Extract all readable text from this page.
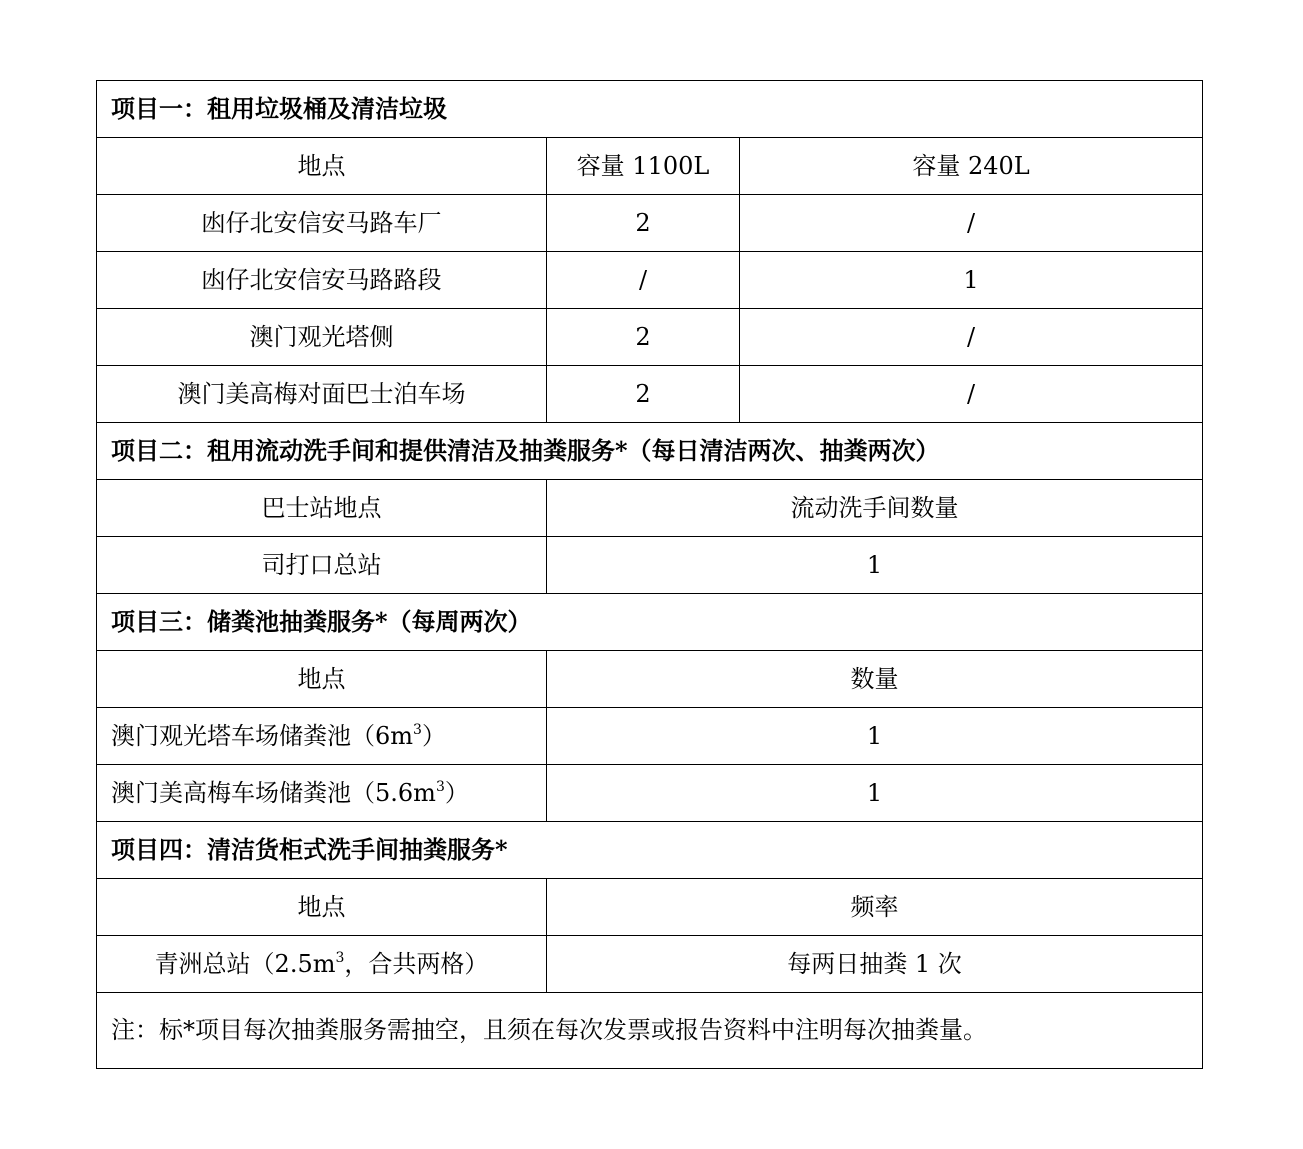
项目一：租用垃圾桶及清洁垃圾		
地点	容量 1100L	容量 240L
凼仔北安信安马路车厂	2	/
凼仔北安信安马路路段	/	1
澳门观光塔侧	2	/
澳门美高梅对面巴士泊车场	2	/
项目二：租用流动洗手间和提供清洁及抽粪服务*（每日清洁两次、抽粪两次）		
巴士站地点	流动洗手间数量	
司打口总站	1	
项目三：储粪池抽粪服务*（每周两次）		
地点	数量	
澳门观光塔车场储粪池$(6m^3)$	1	
澳门美高梅车场储粪池$(5.6m^3)$	1	
项目四：清洁货柜式洗手间抽粪服务*		
地点	频率	
青洲总站（$2.5m^3$，合共两格）	每两日抽粪 1 次	
注：标*项目每次抽粪服务需抽空，且须在每次发票或报告资料中注明每次抽粪量。		
